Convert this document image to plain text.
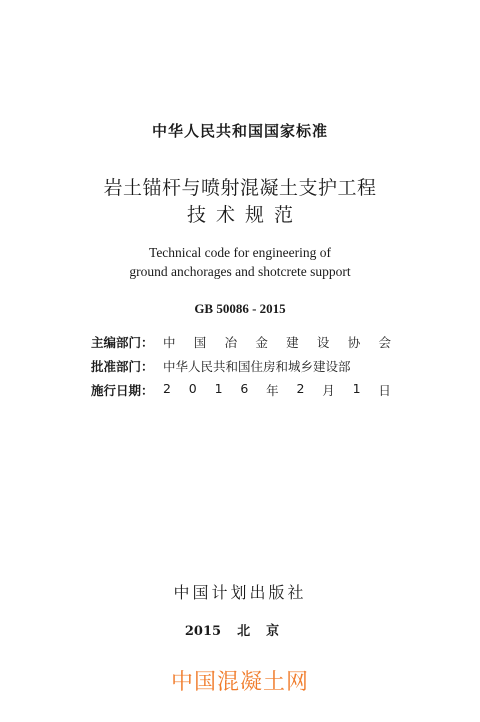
中华人民共和国国家标准
岩土锚杆与喷射混凝土支护工程
技术规范
Technical code for engineering of
ground anchorages and shotcrete support
GB 50086 - 2015
主编部门： 中 国 冶 金 建 设 协 会
批准部门： 中华人民共和国住房和城乡建设部
施行日期： 2 0 1 6 年 2 月 1 日
中国计划出版社
2015 北京
中国混凝土网
